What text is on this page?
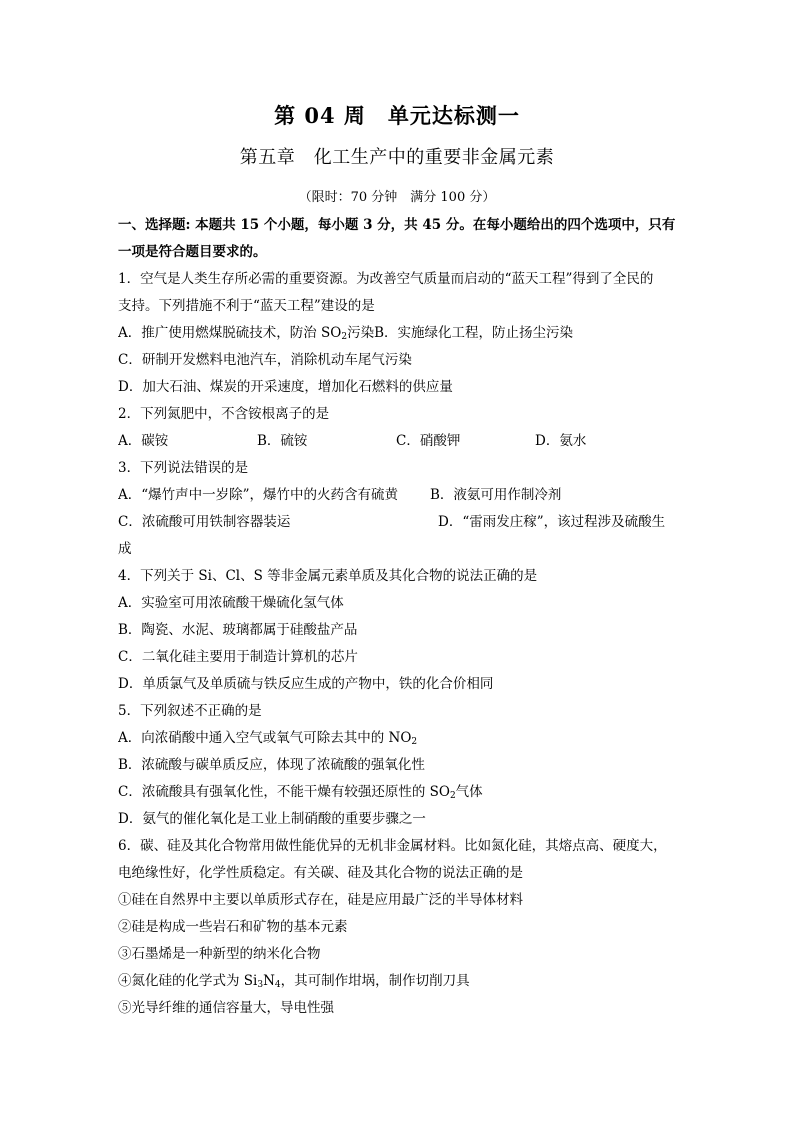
第 04 周　单元达标测一
第五章　化工生产中的重要非金属元素
（限时：70 分钟　满分 100 分）
一、选择题: 本题共 15 个小题，每小题 3 分，共 45 分。在每小题给出的四个选项中，只有
一项是符合题目要求的。
1．空气是人类生存所必需的重要资源。为改善空气质量而启动的“蓝天工程”得到了全民的
支持。下列措施不利于“蓝天工程”建设的是
A．推广使用燃煤脱硫技术，防治 $SO_2$污染 B．实施绿化工程，防止扬尘污染
C．研制开发燃料电池汽车，消除机动车尾气污染
D．加大石油、煤炭的开采速度，增加化石燃料的供应量
2．下列氮肥中，不含铵根离子的是
A．碳铵	B．硫铵	C．硝酸钾	D．氨水
3．下列说法错误的是
A．“爆竹声中一岁除”，爆竹中的火药含有硫黄	B．液氨可用作制冷剂
C．浓硫酸可用铁制容器装运	D．“雷雨发庄稼”，该过程涉及硫酸生
成
4．下列关于 Si、Cl、S 等非金属元素单质及其化合物的说法正确的是
A．实验室可用浓硫酸干燥硫化氢气体
B．陶瓷、水泥、玻璃都属于硅酸盐产品
C．二氧化硅主要用于制造计算机的芯片
D．单质氯气及单质硫与铁反应生成的产物中，铁的化合价相同
5．下列叙述不正确的是
A．向浓硝酸中通入空气或氧气可除去其中的 $NO_2$
B．浓硫酸与碳单质反应，体现了浓硫酸的强氧化性
C．浓硫酸具有强氧化性，不能干燥有较强还原性的 $SO_2$气体
D．氨气的催化氧化是工业上制硝酸的重要步骤之一
6．碳、硅及其化合物常用做性能优异的无机非金属材料。比如氮化硅，其熔点高、硬度大，
电绝缘性好，化学性质稳定。有关碳、硅及其化合物的说法正确的是
①硅在自然界中主要以单质形式存在，硅是应用最广泛的半导体材料
②硅是构成一些岩石和矿物的基本元素
③石墨烯是一种新型的纳米化合物
④氮化硅的化学式为 $Si_3N_4$，其可制作坩埚，制作切削刀具
⑤光导纤维的通信容量大，导电性强
